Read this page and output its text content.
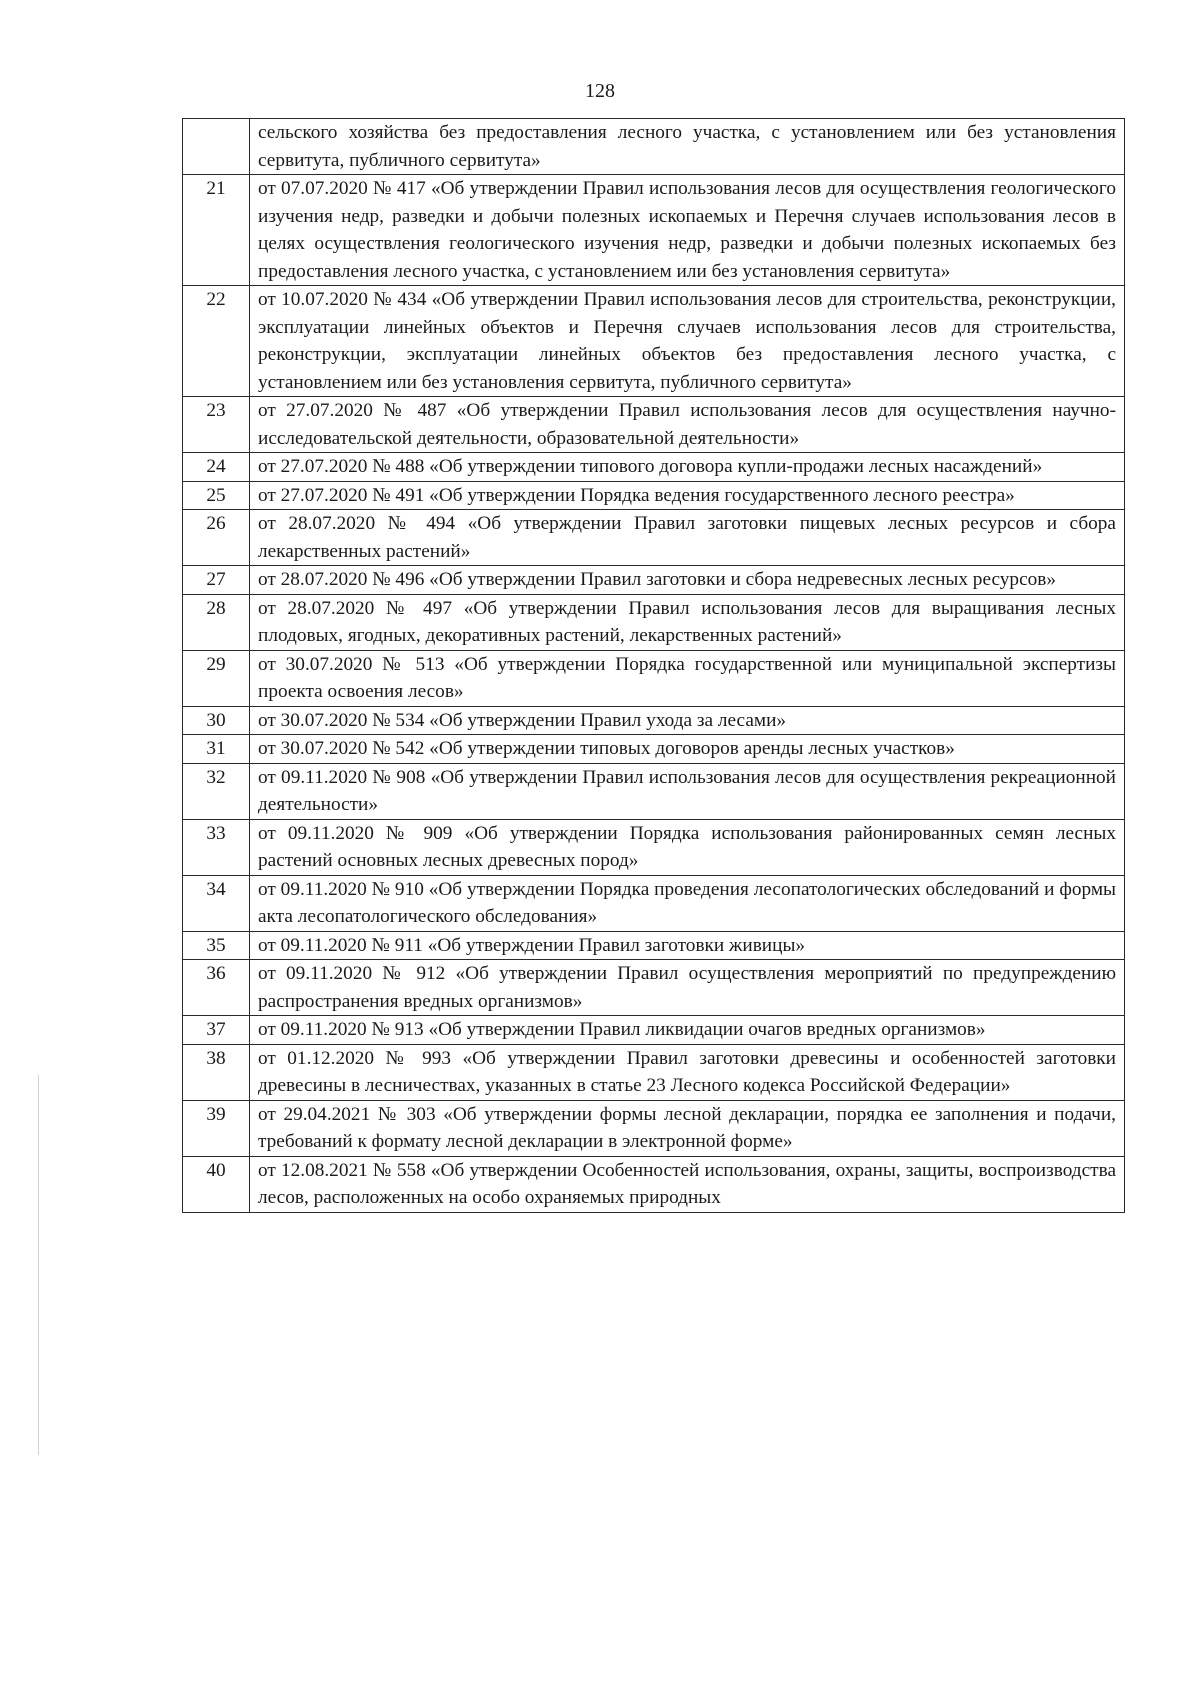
128
	сельского хозяйства без предоставления лесного участка, с установлением или без установления сервитута, публичного сервитута»
21	от 07.07.2020 № 417 «Об утверждении Правил использования лесов для осуществления геологического изучения недр, разведки и добычи полезных ископаемых и Перечня случаев использования лесов в целях осуществления геологического изучения недр, разведки и добычи полезных ископаемых без предоставления лесного участка, с установлением или без установления сервитута»
22	от 10.07.2020 № 434 «Об утверждении Правил использования лесов для строительства, реконструкции, эксплуатации линейных объектов и Перечня случаев использования лесов для строительства, реконструкции, эксплуатации линейных объектов без предоставления лесного участка, с установлением или без установления сервитута, публичного сервитута»
23	от 27.07.2020 № 487 «Об утверждении Правил использования лесов для осуществления научно-исследовательской деятельности, образовательной деятельности»
24	от 27.07.2020 № 488 «Об утверждении типового договора купли-продажи лесных насаждений»
25	от 27.07.2020 № 491 «Об утверждении Порядка ведения государственного лесного реестра»
26	от 28.07.2020 № 494 «Об утверждении Правил заготовки пищевых лесных ресурсов и сбора лекарственных растений»
27	от 28.07.2020 № 496 «Об утверждении Правил заготовки и сбора недревесных лесных ресурсов»
28	от 28.07.2020 № 497 «Об утверждении Правил использования лесов для выращивания лесных плодовых, ягодных, декоративных растений, лекарственных растений»
29	от 30.07.2020 № 513 «Об утверждении Порядка государственной или муниципальной экспертизы проекта освоения лесов»
30	от 30.07.2020 № 534 «Об утверждении Правил ухода за лесами»
31	от 30.07.2020 № 542 «Об утверждении типовых договоров аренды лесных участков»
32	от 09.11.2020 № 908 «Об утверждении Правил использования лесов для осуществления рекреационной деятельности»
33	от 09.11.2020 № 909 «Об утверждении Порядка использования районированных семян лесных растений основных лесных древесных пород»
34	от 09.11.2020 № 910 «Об утверждении Порядка проведения лесопатологических обследований и формы акта лесопатологического обследования»
35	от 09.11.2020 № 911 «Об утверждении Правил заготовки живицы»
36	от 09.11.2020 № 912 «Об утверждении Правил осуществления мероприятий по предупреждению распространения вредных организмов»
37	от 09.11.2020 № 913 «Об утверждении Правил ликвидации очагов вредных организмов»
38	от 01.12.2020 № 993 «Об утверждении Правил заготовки древесины и особенностей заготовки древесины в лесничествах, указанных в статье 23 Лесного кодекса Российской Федерации»
39	от 29.04.2021 № 303 «Об утверждении формы лесной декларации, порядка ее заполнения и подачи, требований к формату лесной декларации в электронной форме»
40	от 12.08.2021 № 558 «Об утверждении Особенностей использования, охраны, защиты, воспроизводства лесов, расположенных на особо охраняемых природных
